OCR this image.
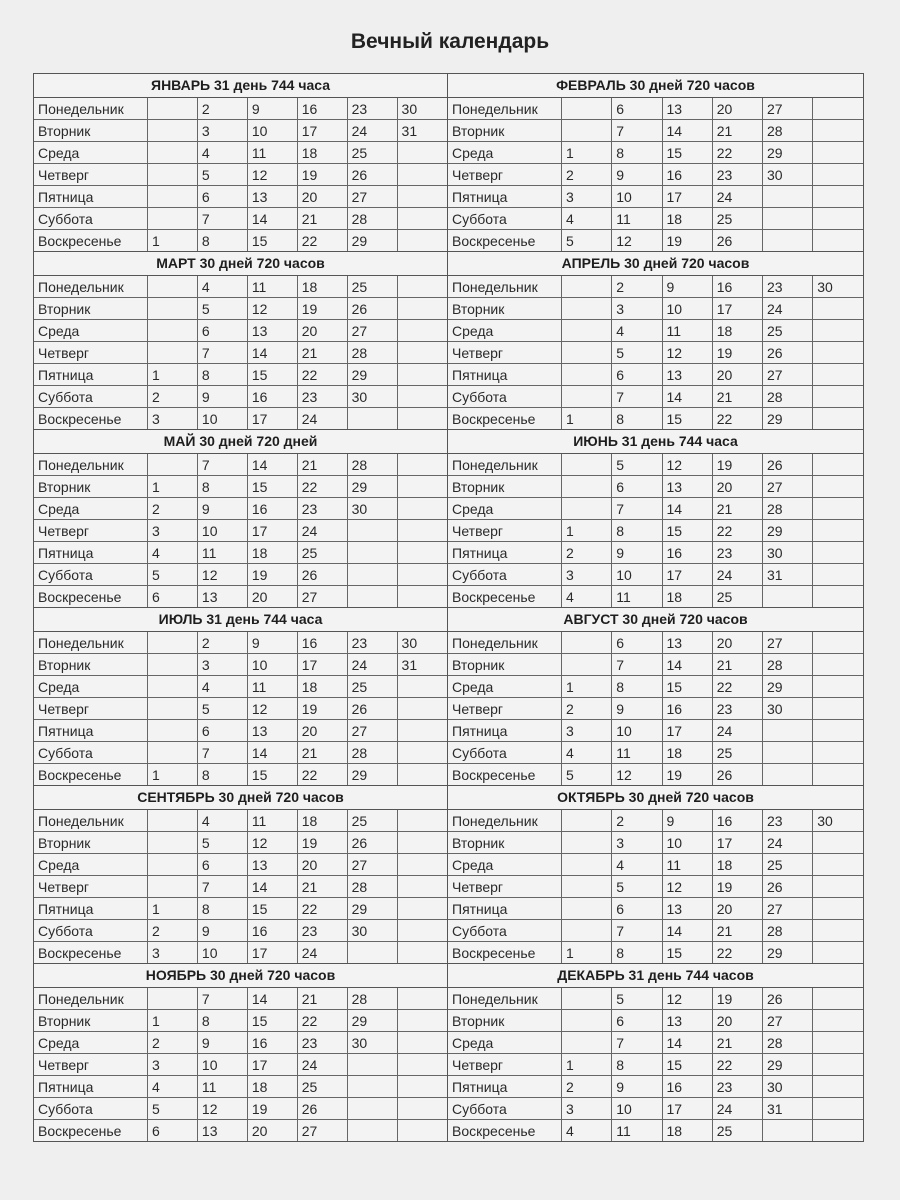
Вечный календарь
ЯНВАРЬ 31 день 744 часа
Понедельник		2	9	16	23	30
Вторник		3	10	17	24	31
Среда		4	11	18	25	
Четверг		5	12	19	26	
Пятница		6	13	20	27	
Суббота		7	14	21	28	
Воскресенье	1	8	15	22	29	
ФЕВРАЛЬ 30 дней 720 часов
Понедельник		6	13	20	27	
Вторник		7	14	21	28	
Среда	1	8	15	22	29	
Четверг	2	9	16	23	30	
Пятница	3	10	17	24		
Суббота	4	11	18	25		
Воскресенье	5	12	19	26		
МАРТ 30 дней 720 часов
Понедельник		4	11	18	25	
Вторник		5	12	19	26	
Среда		6	13	20	27	
Четверг		7	14	21	28	
Пятница	1	8	15	22	29	
Суббота	2	9	16	23	30	
Воскресенье	3	10	17	24		
АПРЕЛЬ 30 дней 720 часов
Понедельник		2	9	16	23	30
Вторник		3	10	17	24	
Среда		4	11	18	25	
Четверг		5	12	19	26	
Пятница		6	13	20	27	
Суббота		7	14	21	28	
Воскресенье	1	8	15	22	29	
МАЙ 30 дней 720 дней
Понедельник		7	14	21	28	
Вторник	1	8	15	22	29	
Среда	2	9	16	23	30	
Четверг	3	10	17	24		
Пятница	4	11	18	25		
Суббота	5	12	19	26		
Воскресенье	6	13	20	27		
ИЮНЬ 31 день 744 часа
Понедельник		5	12	19	26	
Вторник		6	13	20	27	
Среда		7	14	21	28	
Четверг	1	8	15	22	29	
Пятница	2	9	16	23	30	
Суббота	3	10	17	24	31	
Воскресенье	4	11	18	25		
ИЮЛЬ 31 день 744 часа
Понедельник		2	9	16	23	30
Вторник		3	10	17	24	31
Среда		4	11	18	25	
Четверг		5	12	19	26	
Пятница		6	13	20	27	
Суббота		7	14	21	28	
Воскресенье	1	8	15	22	29	
АВГУСТ 30 дней 720 часов
Понедельник		6	13	20	27	
Вторник		7	14	21	28	
Среда	1	8	15	22	29	
Четверг	2	9	16	23	30	
Пятница	3	10	17	24		
Суббота	4	11	18	25		
Воскресенье	5	12	19	26		
СЕНТЯБРЬ 30 дней 720 часов
Понедельник		4	11	18	25	
Вторник		5	12	19	26	
Среда		6	13	20	27	
Четверг		7	14	21	28	
Пятница	1	8	15	22	29	
Суббота	2	9	16	23	30	
Воскресенье	3	10	17	24		
ОКТЯБРЬ 30 дней 720 часов
Понедельник		2	9	16	23	30
Вторник		3	10	17	24	
Среда		4	11	18	25	
Четверг		5	12	19	26	
Пятница		6	13	20	27	
Суббота		7	14	21	28	
Воскресенье	1	8	15	22	29	
НОЯБРЬ 30 дней 720 часов
Понедельник		7	14	21	28	
Вторник	1	8	15	22	29	
Среда	2	9	16	23	30	
Четверг	3	10	17	24		
Пятница	4	11	18	25		
Суббота	5	12	19	26		
Воскресенье	6	13	20	27		
ДЕКАБРЬ 31 день 744 часов
Понедельник		5	12	19	26	
Вторник		6	13	20	27	
Среда		7	14	21	28	
Четверг	1	8	15	22	29	
Пятница	2	9	16	23	30	
Суббота	3	10	17	24	31	
Воскресенье	4	11	18	25		
